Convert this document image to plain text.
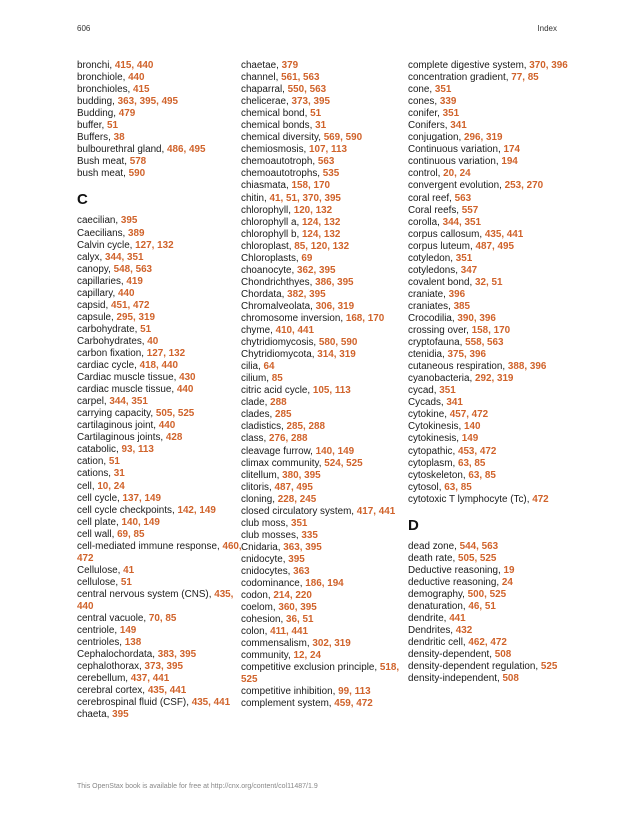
606	Index
bronchi, 415, 440
bronchiole, 440
bronchioles, 415
budding, 363, 395, 495
Budding, 479
buffer, 51
Buffers, 38
bulbourethral gland, 486, 495
Bush meat, 578
bush meat, 590
C
caecilian, 395
Caecilians, 389
Calvin cycle, 127, 132
calyx, 344, 351
canopy, 548, 563
capillaries, 419
capillary, 440
capsid, 451, 472
capsule, 295, 319
carbohydrate, 51
Carbohydrates, 40
carbon fixation, 127, 132
cardiac cycle, 418, 440
Cardiac muscle tissue, 430
cardiac muscle tissue, 440
carpel, 344, 351
carrying capacity, 505, 525
cartilaginous joint, 440
Cartilaginous joints, 428
catabolic, 93, 113
cation, 51
cations, 31
cell, 10, 24
cell cycle, 137, 149
cell cycle checkpoints, 142, 149
cell plate, 140, 149
cell wall, 69, 85
cell-mediated immune response, 460, 472
Cellulose, 41
cellulose, 51
central nervous system (CNS), 435, 440
central vacuole, 70, 85
centriole, 149
centrioles, 138
Cephalochordata, 383, 395
cephalothorax, 373, 395
cerebellum, 437, 441
cerebral cortex, 435, 441
cerebrospinal fluid (CSF), 435, 441
chaeta, 395
chaetae, 379
channel, 561, 563
chaparral, 550, 563
chelicerae, 373, 395
chemical bond, 51
chemical bonds, 31
chemical diversity, 569, 590
chemiosmosis, 107, 113
chemoautotroph, 563
chemoautotrophs, 535
chiasmata, 158, 170
chitin, 41, 51, 370, 395
chlorophyll, 120, 132
chlorophyll a, 124, 132
chlorophyll b, 124, 132
chloroplast, 85, 120, 132
Chloroplasts, 69
choanocyte, 362, 395
Chondrichthyes, 386, 395
Chordata, 382, 395
Chromalveolata, 306, 319
chromosome inversion, 168, 170
chyme, 410, 441
chytridiomycosis, 580, 590
Chytridiomycota, 314, 319
cilia, 64
cilium, 85
citric acid cycle, 105, 113
clade, 288
clades, 285
cladistics, 285, 288
class, 276, 288
cleavage furrow, 140, 149
climax community, 524, 525
clitellum, 380, 395
clitoris, 487, 495
cloning, 228, 245
closed circulatory system, 417, 441
club moss, 351
club mosses, 335
Cnidaria, 363, 395
cnidocyte, 395
cnidocytes, 363
codominance, 186, 194
codon, 214, 220
coelom, 360, 395
cohesion, 36, 51
colon, 411, 441
commensalism, 302, 319
community, 12, 24
competitive exclusion principle, 518, 525
competitive inhibition, 99, 113
complement system, 459, 472
complete digestive system, 370, 396
concentration gradient, 77, 85
cone, 351
cones, 339
conifer, 351
Conifers, 341
conjugation, 296, 319
Continuous variation, 174
continuous variation, 194
control, 20, 24
convergent evolution, 253, 270
coral reef, 563
Coral reefs, 557
corolla, 344, 351
corpus callosum, 435, 441
corpus luteum, 487, 495
cotyledon, 351
cotyledons, 347
covalent bond, 32, 51
craniate, 396
craniates, 385
Crocodilia, 390, 396
crossing over, 158, 170
cryptofauna, 558, 563
ctenidia, 375, 396
cutaneous respiration, 388, 396
cyanobacteria, 292, 319
cycad, 351
Cycads, 341
cytokine, 457, 472
Cytokinesis, 140
cytokinesis, 149
cytopathic, 453, 472
cytoplasm, 63, 85
cytoskeleton, 63, 85
cytosol, 63, 85
cytotoxic T lymphocyte (Tc), 472
D
dead zone, 544, 563
death rate, 505, 525
Deductive reasoning, 19
deductive reasoning, 24
demography, 500, 525
denaturation, 46, 51
dendrite, 441
Dendrites, 432
dendritic cell, 462, 472
density-dependent, 508
density-dependent regulation, 525
density-independent, 508
This OpenStax book is available for free at http://cnx.org/content/col11487/1.9
